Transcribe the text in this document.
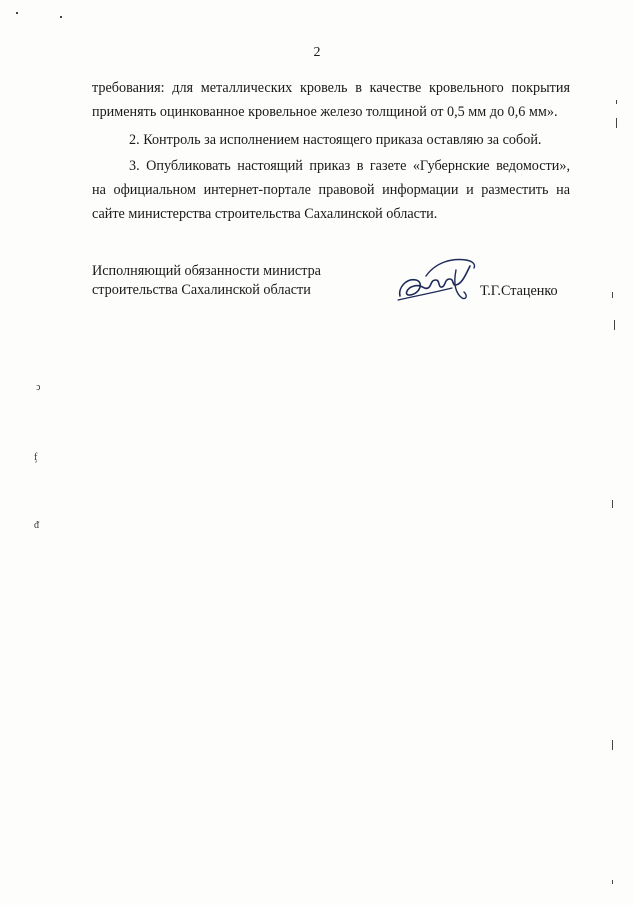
2
требования: для металлических кровель в качестве кровельного покрытия
применять оцинкованное кровельное железо толщиной от 0,5 мм до 0,6 мм».
2. Контроль за исполнением настоящего приказа оставляю за собой.
3. Опубликовать настоящий приказ в газете «Губернские ведомости»,
на официальном интернет-портале правовой информации и разместить на
сайте министерства строительства Сахалинской области.
Исполняющий обязанности министра
строительства Сахалинской области	Т.Г.Стаценко
ↄ
ᶂ
ᵭ
